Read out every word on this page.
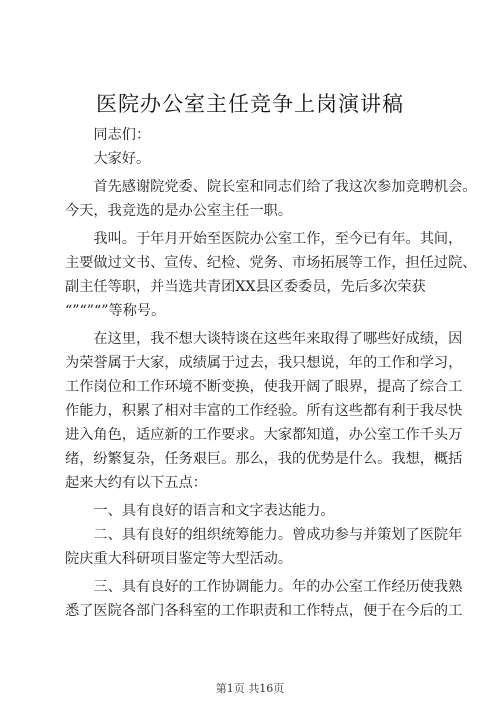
医院办公室主任竞争上岗演讲稿
　　同志们：
　　大家好。
　　首先感谢院党委、院长室和同志们给了我这次参加竞聘机会。
今天，我竞选的是办公室主任一职。
　　我叫。于年月开始至医院办公室工作，至今已有年。其间，
主要做过文书、宣传、纪检、党务、市场拓展等工作，担任过院、
副主任等职，并当选共青团XX县区委委员，先后多次荣获
“”“”“”等称号。
　　在这里，我不想大谈特谈在这些年来取得了哪些好成绩，因
为荣誉属于大家，成绩属于过去，我只想说，年的工作和学习，
工作岗位和工作环境不断变换，使我开阔了眼界，提高了综合工
作能力，积累了相对丰富的工作经验。所有这些都有利于我尽快
进入角色，适应新的工作要求。大家都知道，办公室工作千头万
绪，纷繁复杂，任务艰巨。那么，我的优势是什么。我想，概括
起来大约有以下五点：
　　一、具有良好的语言和文字表达能力。
　　二、具有良好的组织统筹能力。曾成功参与并策划了医院年
院庆重大科研项目鉴定等大型活动。
　　三、具有良好的工作协调能力。年的办公室工作经历使我熟
悉了医院各部门各科室的工作职责和工作特点，便于在今后的工
第1页 共16页
